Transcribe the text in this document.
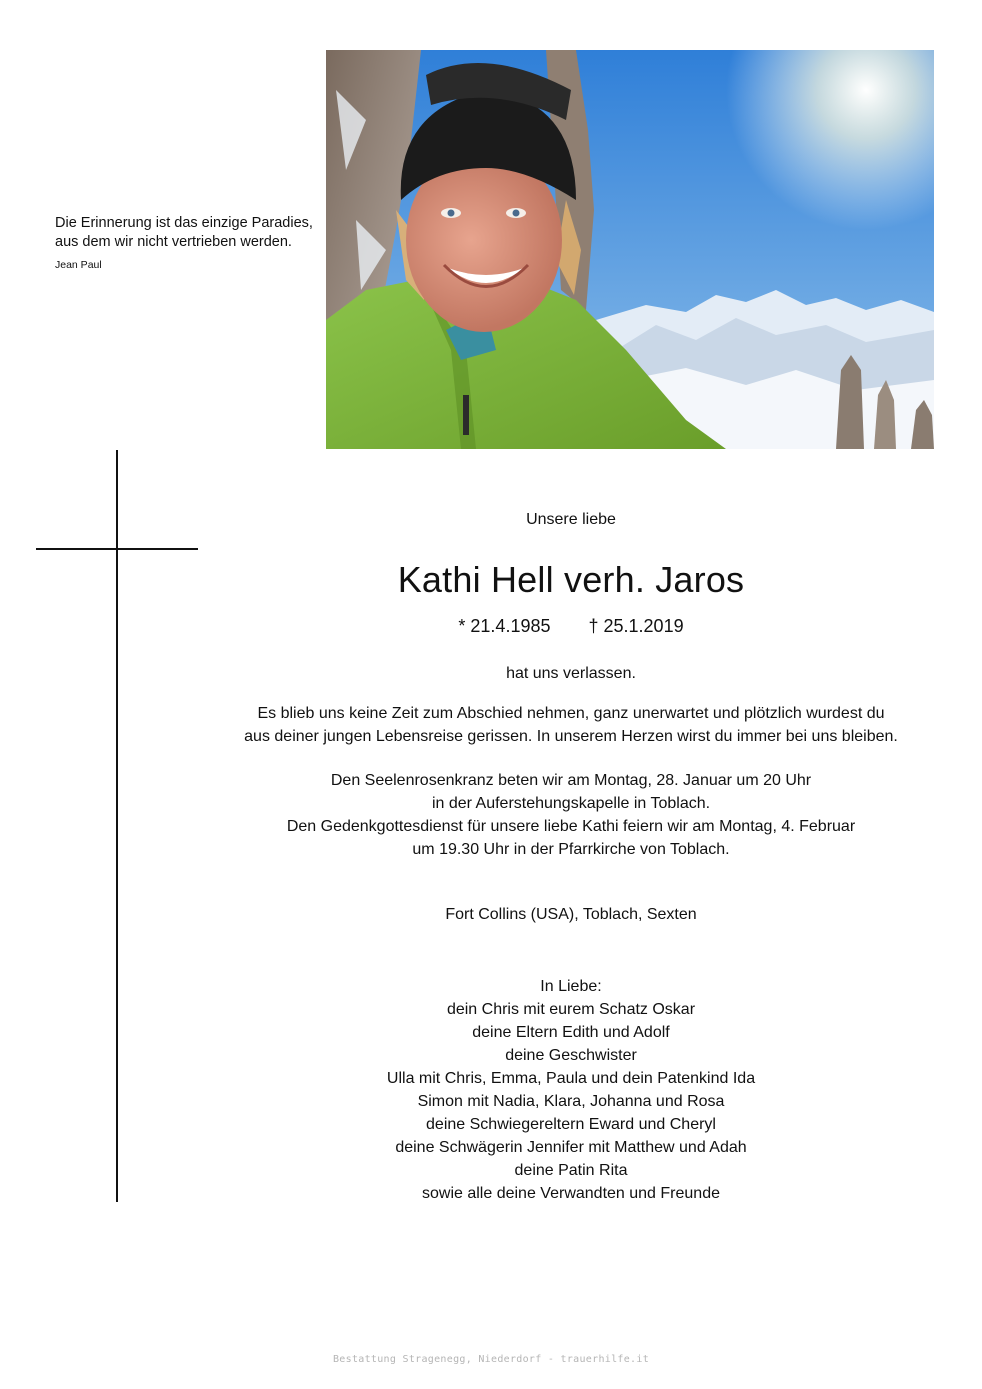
Die Erinnerung ist das einzige Paradies,
aus dem wir nicht vertrieben werden.
Jean Paul
Unsere liebe
Kathi Hell verh. Jaros
* 21.4.1985 † 25.1.2019
hat uns verlassen.
Es blieb uns keine Zeit zum Abschied nehmen, ganz unerwartet und plötzlich wurdest du
aus deiner jungen Lebensreise gerissen. In unserem Herzen wirst du immer bei uns bleiben.
Den Seelenrosenkranz beten wir am Montag, 28. Januar um 20 Uhr
in der Auferstehungskapelle in Toblach.
Den Gedenkgottesdienst für unsere liebe Kathi feiern wir am Montag, 4. Februar
um 19.30 Uhr in der Pfarrkirche von Toblach.
Fort Collins (USA), Toblach, Sexten
In Liebe:
dein Chris mit eurem Schatz Oskar
deine Eltern Edith und Adolf
deine Geschwister
Ulla mit Chris, Emma, Paula und dein Patenkind Ida
Simon mit Nadia, Klara, Johanna und Rosa
deine Schwiegereltern Eward und Cheryl
deine Schwägerin Jennifer mit Matthew und Adah
deine Patin Rita
sowie alle deine Verwandten und Freunde
Bestattung Stragenegg, Niederdorf - trauerhilfe.it
